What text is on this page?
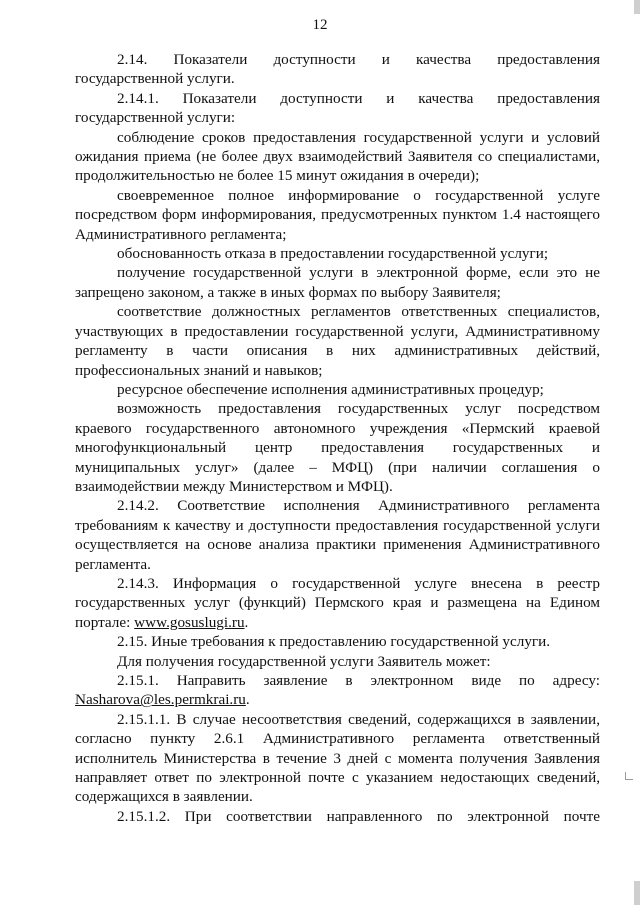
12

2.14. Показатели доступности и качества предоставления государственной услуги.

2.14.1. Показатели доступности и качества предоставления государственной услуги:

соблюдение сроков предоставления государственной услуги и условий ожидания приема (не более двух взаимодействий Заявителя со специалистами, продолжительностью не более 15 минут ожидания в очереди);

своевременное полное информирование о государственной услуге посредством форм информирования, предусмотренных пунктом 1.4 настоящего Административного регламента;

обоснованность отказа в предоставлении государственной услуги;

получение государственной услуги в электронной форме, если это не запрещено законом, а также в иных формах по выбору Заявителя;

соответствие должностных регламентов ответственных специалистов, участвующих в предоставлении государственной услуги, Административному регламенту в части описания в них административных действий, профессиональных знаний и навыков;

ресурсное обеспечение исполнения административных процедур;

возможность предоставления государственных услуг посредством краевого государственного автономного учреждения «Пермский краевой многофункциональный центр предоставления государственных и муниципальных услуг» (далее – МФЦ) (при наличии соглашения о взаимодействии между Министерством и МФЦ).

2.14.2. Соответствие исполнения Административного регламента требованиям к качеству и доступности предоставления государственной услуги осуществляется на основе анализа практики применения Административного регламента.

2.14.3. Информация о государственной услуге внесена в реестр государственных услуг (функций) Пермского края и размещена на Едином портале: www.gosuslugi.ru.

2.15. Иные требования к предоставлению государственной услуги.

Для получения государственной услуги Заявитель может:

2.15.1. Направить заявление в электронном виде по адресу: Nasharova@les.permkrai.ru.

2.15.1.1. В случае несоответствия сведений, содержащихся в заявлении, согласно пункту 2.6.1 Административного регламента ответственный исполнитель Министерства в течение 3 дней с момента получения Заявления направляет ответ по электронной почте с указанием недостающих сведений, содержащихся в заявлении.

2.15.1.2. При соответствии направленного по электронной почте
